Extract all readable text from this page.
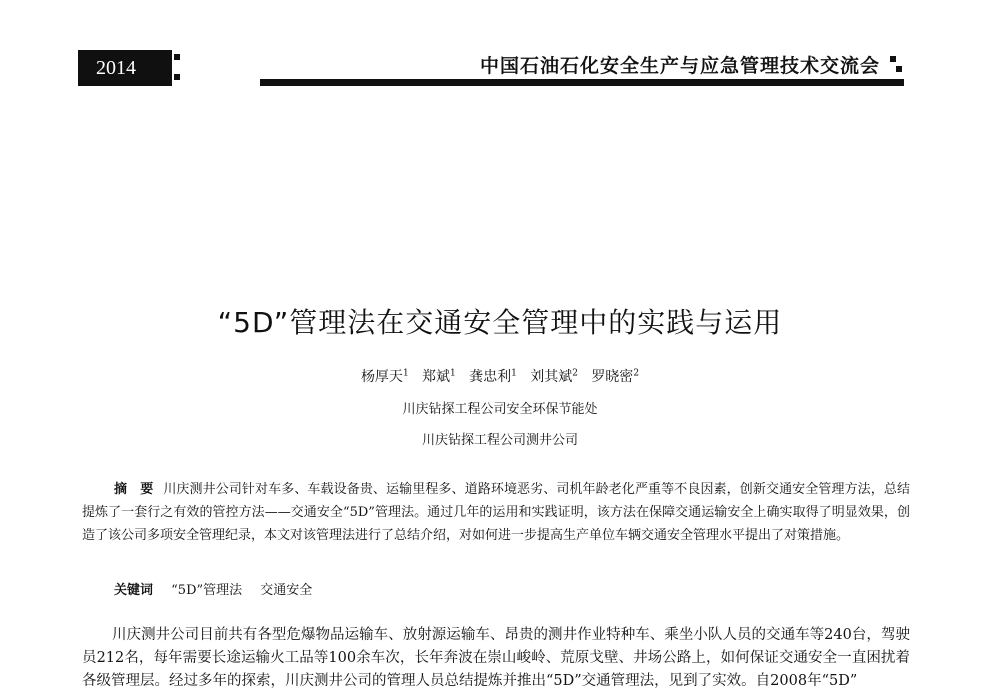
2014	中国石油石化安全生产与应急管理技术交流会
“5D”管理法在交通安全管理中的实践与运用
杨厚天$^1$ 郑斌$^1$ 龚忠利$^1$ 刘其斌$^2$ 罗晓密$^2$
川庆钻探工程公司安全环保节能处
川庆钻探工程公司测井公司
摘　要 川庆测井公司针对车多、车载设备贵、运输里程多、道路环境恶劣、司机年龄老化严重等不良因素，创新交通安全管理方法，总结提炼了一套行之有效的管控方法——交通安全“5D”管理法。通过几年的运用和实践证明，该方法在保障交通运输安全上确实取得了明显效果，创造了该公司多项安全管理纪录，本文对该管理法进行了总结介绍，对如何进一步提高生产单位车辆交通安全管理水平提出了对策措施。
关键词 “5D”管理法 交通安全
川庆测井公司目前共有各型危爆物品运输车、放射源运输车、昂贵的测井作业特种车、乘坐小队人员的交通车等240台，驾驶员212名，每年需要长途运输火工品等100余车次，长年奔波在崇山峻岭、荒原戈壁、井场公路上，如何保证交通安全一直困扰着各级管理层。经过多年的探索，川庆测井公司的管理人员总结提炼并推出“5D”交通管理法，见到了实效。自2008年“5D”
